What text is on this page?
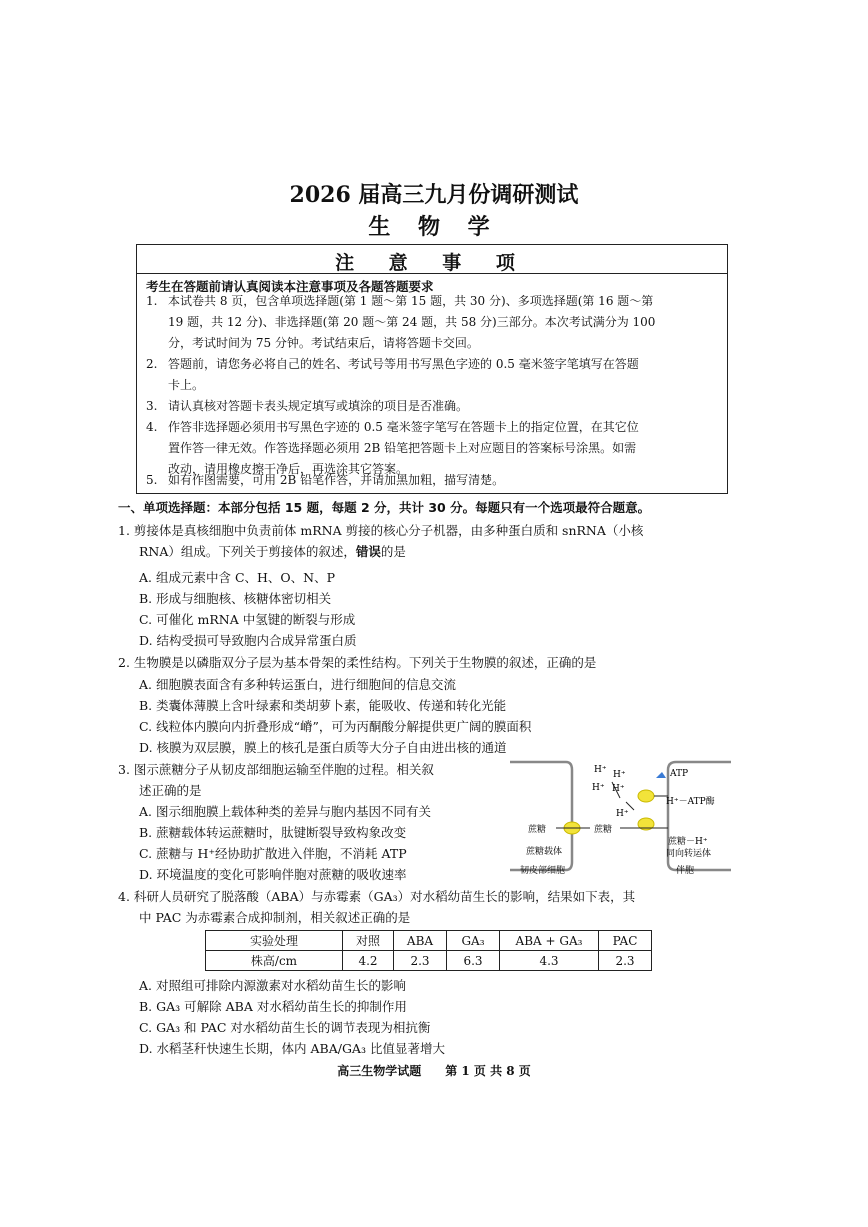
2026 届高三九月份调研测试
生 物 学
注 意 事 项
考生在答题前请认真阅读本注意事项及各题答题要求
1. 本试卷共 8 页，包含单项选择题(第 1 题～第 15 题，共 30 分)、多项选择题(第 16 题～第
19 题，共 12 分)、非选择题(第 20 题～第 24 题，共 58 分)三部分。本次考试满分为 100
分，考试时间为 75 分钟。考试结束后，请将答题卡交回。
2. 答题前，请您务必将自己的姓名、考试号等用书写黑色字迹的 0.5 毫米签字笔填写在答题
卡上。
3. 请认真核对答题卡表头规定填写或填涂的项目是否准确。
4. 作答非选择题必须用书写黑色字迹的 0.5 毫米签字笔写在答题卡上的指定位置，在其它位
置作答一律无效。作答选择题必须用 2B 铅笔把答题卡上对应题目的答案标号涂黑。如需
改动，请用橡皮擦干净后，再选涂其它答案。
5. 如有作图需要，可用 2B 铅笔作答，并请加黑加粗，描写清楚。
一、单项选择题：本部分包括 15 题，每题 2 分，共计 30 分。每题只有一个选项最符合题意。
1. 剪接体是真核细胞中负责前体 mRNA 剪接的核心分子机器，由多种蛋白质和 snRNA（小核
RNA）组成。下列关于剪接体的叙述，错误的是
A. 组成元素中含 C、H、O、N、P
B. 形成与细胞核、核糖体密切相关
C. 可催化 mRNA 中氢键的断裂与形成
D. 结构受损可导致胞内合成异常蛋白质
2. 生物膜是以磷脂双分子层为基本骨架的柔性结构。下列关于生物膜的叙述，正确的是
A. 细胞膜表面含有多种转运蛋白，进行细胞间的信息交流
B. 类囊体薄膜上含叶绿素和类胡萝卜素，能吸收、传递和转化光能
C. 线粒体内膜向内折叠形成“嵴”，可为丙酮酸分解提供更广阔的膜面积
D. 核膜为双层膜，膜上的核孔是蛋白质等大分子自由进出核的通道
3. 图示蔗糖分子从韧皮部细胞运输至伴胞的过程。相关叙
述正确的是
A. 图示细胞膜上载体种类的差异与胞内基因不同有关
B. 蔗糖载体转运蔗糖时，肽键断裂导致构象改变
C. 蔗糖与 H⁺经协助扩散进入伴胞，不消耗 ATP
D. 环境温度的变化可影响伴胞对蔗糖的吸收速率
H⁺ H⁺
H⁺ H⁺
H⁺
ATP
H⁺－ATP酶
蔗糖	蔗糖
蔗糖载体
蔗糖－H⁺
同向转运体
韧皮部细胞	伴胞
4. 科研人员研究了脱落酸（ABA）与赤霉素（GA₃）对水稻幼苗生长的影响，结果如下表，其
中 PAC 为赤霉素合成抑制剂，相关叙述正确的是
实验处理	对照	ABA	GA₃	ABA + GA₃	PAC
株高/cm	4.2	2.3	6.3	4.3	2.3
A. 对照组可排除内源激素对水稻幼苗生长的影响
B. GA₃ 可解除 ABA 对水稻幼苗生长的抑制作用
C. GA₃ 和 PAC 对水稻幼苗生长的调节表现为相抗衡
D. 水稻茎秆快速生长期，体内 ABA/GA₃ 比值显著增大
高三生物学试题　　第 1 页 共 8 页
